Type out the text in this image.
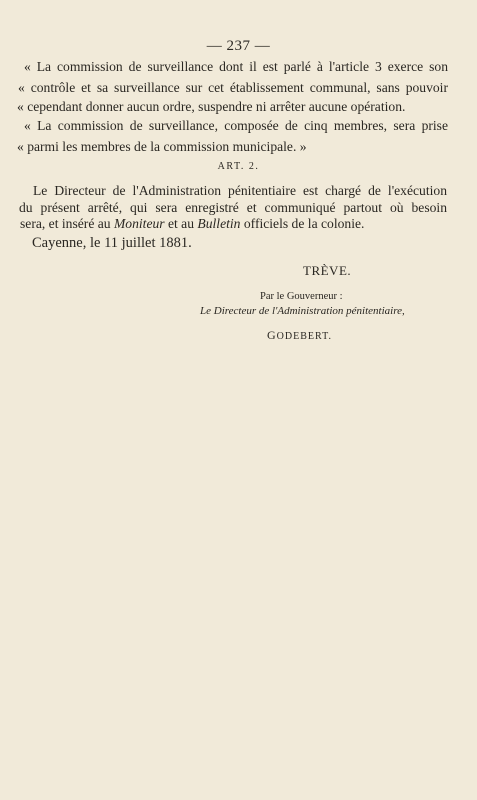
— 237 —
« La commission de surveillance dont il est parlé à l'article 3 exerce son
« contrôle et sa surveillance sur cet établissement communal, sans pouvoir
« cependant donner aucun ordre, suspendre ni arrêter aucune opération.
« La commission de surveillance, composée de cinq membres, sera prise
« parmi les membres de la commission municipale. »
ART. 2.
Le Directeur de l'Administration pénitentiaire est chargé de l'exécution
du présent arrêté, qui sera enregistré et communiqué partout où besoin
sera, et inséré au Moniteur et au Bulletin officiels de la colonie.
Cayenne, le 11 juillet 1881.
TRÈVE.
Par le Gouverneur :
Le Directeur de l'Administration pénitentiaire,
GODEBERT.
